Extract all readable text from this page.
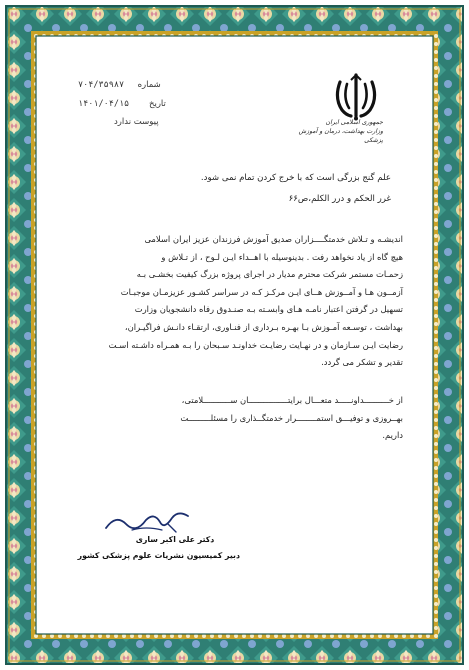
شماره ۷۰۴/۳۵۹۸۷
تاریخ ۱۴۰۱/۰۴/۱۵
پیوست ندارد	جمهوری اسلامی ایران
وزارت بهداشت، درمان و آموزش پزشکی
علم گنج بزرگی است که با خرج کردن تمام نمی شود.
غرر الحکم و درر الکلم،ص۶۶

اندیشـه و تـلاش خدمتگــــزاران صدیق آموزش فرزندان عزیز ایران اسلامی

هیچ گاه از یاد نخواهد رفت . بدینوسیله با اهــداء ایـن لـوح ، از تـلاش و

زحمـات مستمر شرکت محترم مدیار در اجرای پروژه بزرگ کیفیت بخشـی بـه

آزمــون هـا و آمــوزش هــای ایـن مرکـز کـه در سراسر کشـور عزیزمـان موجبـات

تسهیل در گرفتن اعتبار نامـه هـای وابسـته بـه صنـدوق رفاه دانشجویان وزارت

بهداشت ، توسـعه آمـوزش بـا بهـره بـرداری از فنـاوری، ارتقـاء دانـش فراگیـران،

رضایت ایـن سـازمان و در نهـایت رضایـت خداونـد سـبحان را بـه همـراه داشـته اسـت

تقدیر و تشکر می گردد.

از خــــــــــداونـــــد متعـــال برایتــــــــــــــــان ســـــــــــلامتی،

بهــروزی و توفیـــق استمــــــــرار خدمتگــذاری را مسئلـــــــــت

داریم.

دکتر علی اکبر ساری
دبیر کمیسیون نشریات علوم پزشکی کشور
